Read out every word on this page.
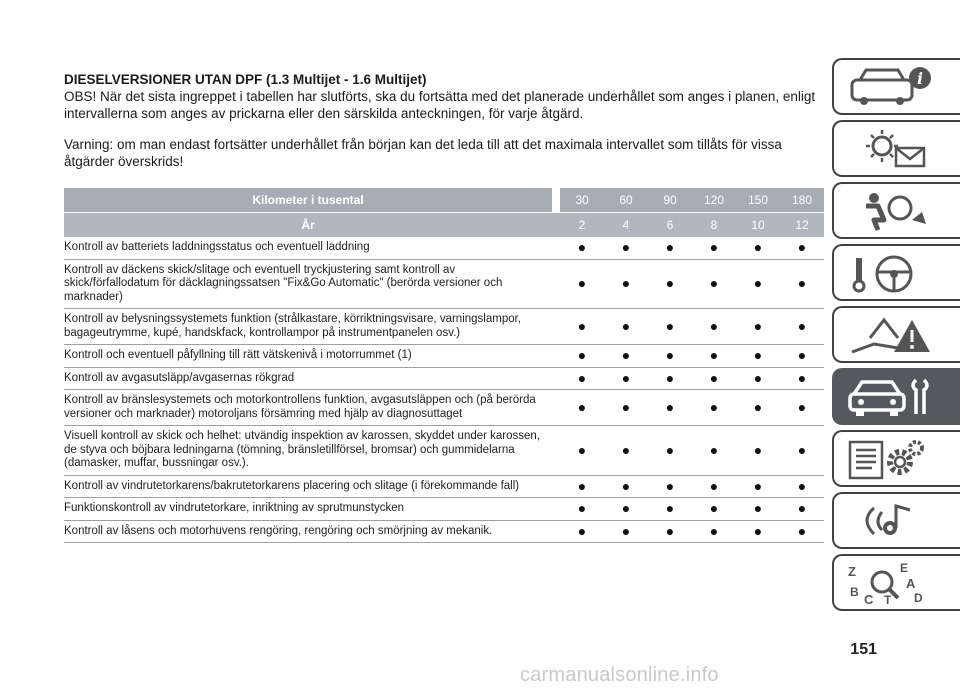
DIESELVERSIONER UTAN DPF (1.3 Multijet - 1.6 Multijet)

OBS! När det sista ingreppet i tabellen har slutförts, ska du fortsätta med det planerade underhållet som anges i planen, enligt intervallerna som anges av prickarna eller den särskilda anteckningen, för varje åtgärd.

Varning: om man endast fortsätter underhållet från början kan det leda till att det maximala intervallet som tillåts för vissa åtgärder överskrids!

Kilometer i tusental		30	60	90	120	150	180
År		2	4	6	8	10	12
Kontroll av batteriets laddningsstatus och eventuell laddning		●	●	●	●	●	●
Kontroll av däckens skick/slitage och eventuell tryckjustering samt kontroll av skick/förfallodatum för däcklagningssatsen "Fix&Go Automatic" (berörda versioner och marknader)		●	●	●	●	●	●
Kontroll av belysningssystemets funktion (strålkastare, körriktningsvisare, varningslampor, bagageutrymme, kupé, handskfack, kontrollampor på instrumentpanelen osv.)		●	●	●	●	●	●
Kontroll och eventuell påfyllning till rätt vätskenivå i motorrummet (1)		●	●	●	●	●	●
Kontroll av avgasutsläpp/avgasernas rökgrad		●	●	●	●	●	●
Kontroll av bränslesystemets och motorkontrollens funktion, avgasutsläppen och (på berörda versioner och marknader) motoroljans försämring med hjälp av diagnosuttaget		●	●	●	●	●	●
Visuell kontroll av skick och helhet: utvändig inspektion av karossen, skyddet under karossen, de styva och böjbara ledningarna (tömning, bränsletillförsel, bromsar) och gummidelarna (damasker, muffar, bussningar osv.).		●	●	●	●	●	●
Kontroll av vindrutetorkarens/bakrutetorkarens placering och slitage (i förekommande fall)		●	●	●	●	●	●
Funktionskontroll av vindrutetorkare, inriktning av sprutmunstycken		●	●	●	●	●	●
Kontroll av låsens och motorhuvens rengöring, rengöring och smörjning av mekanik.		●	●	●	●	●	●
i
Z	E
A
B C T D
151
carmanualsonline.info
